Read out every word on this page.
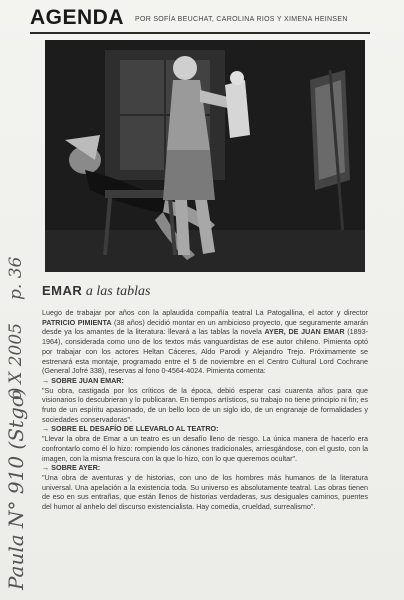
AGENDA POR SOFÍA BEUCHAT, CAROLINA RIOS Y XIMENA HEINSEN
EMAR a las tablas

Luego de trabajar por años con la aplaudida compañía teatral La Patogallina, el actor y director PATRICIO PIMIENTA (38 años) decidió montar en un ambicioso proyecto, que seguramente amarán desde ya los amantes de la literatura: llevará a las tablas la novela AYER, DE JUAN EMAR (1893-1964), considerada como uno de los textos más vanguardistas de ese autor chileno. Pimienta optó por trabajar con los actores Heltan Cáceres, Aldo Parodi y Alejandro Trejo. Próximamente se estrenará esta montaje, programado entre el 5 de noviembre en el Centro Cultural Lord Cochrane (General Jofré 338), reservas al fono 0-4564-4024. Pimienta comenta:

→ SOBRE JUAN EMAR:

"Su obra, castigada por los críticos de la época, debió esperar casi cuarenta años para que visionarios lo descubrieran y lo publicaran. En tiempos artísticos, su trabajo no tiene principio ni fin; es fruto de un espíritu apasionado, de un bello loco de un siglo ido, de un engranaje de formalidades y sociedades conservadoras".

→ SOBRE EL DESAFÍO DE LLEVARLO AL TEATRO:

"Llevar la obra de Emar a un teatro es un desafío lleno de riesgo. La única manera de hacerlo era confrontarlo como él lo hizo: rompiendo los cánones tradicionales, arriesgándose, con el gusto, con la imagen, con la misma frescura con la que lo hizo, con lo que queremos ocultar".

→ SOBRE AYER:

"Una obra de aventuras y de historias, con uno de los hombres más humanos de la literatura universal. Una apelación a la existencia toda. Su universo es absolutamente teatral. Las obras tienen de eso en sus entrañas, que están llenos de historias verdaderas, sus desiguales caminos, puentes del humor al anhelo del discurso existencialista. Hay comedia, crueldad, surrealismo".

Paula N° 910 (Stgo)
6 X 2005
p. 36
